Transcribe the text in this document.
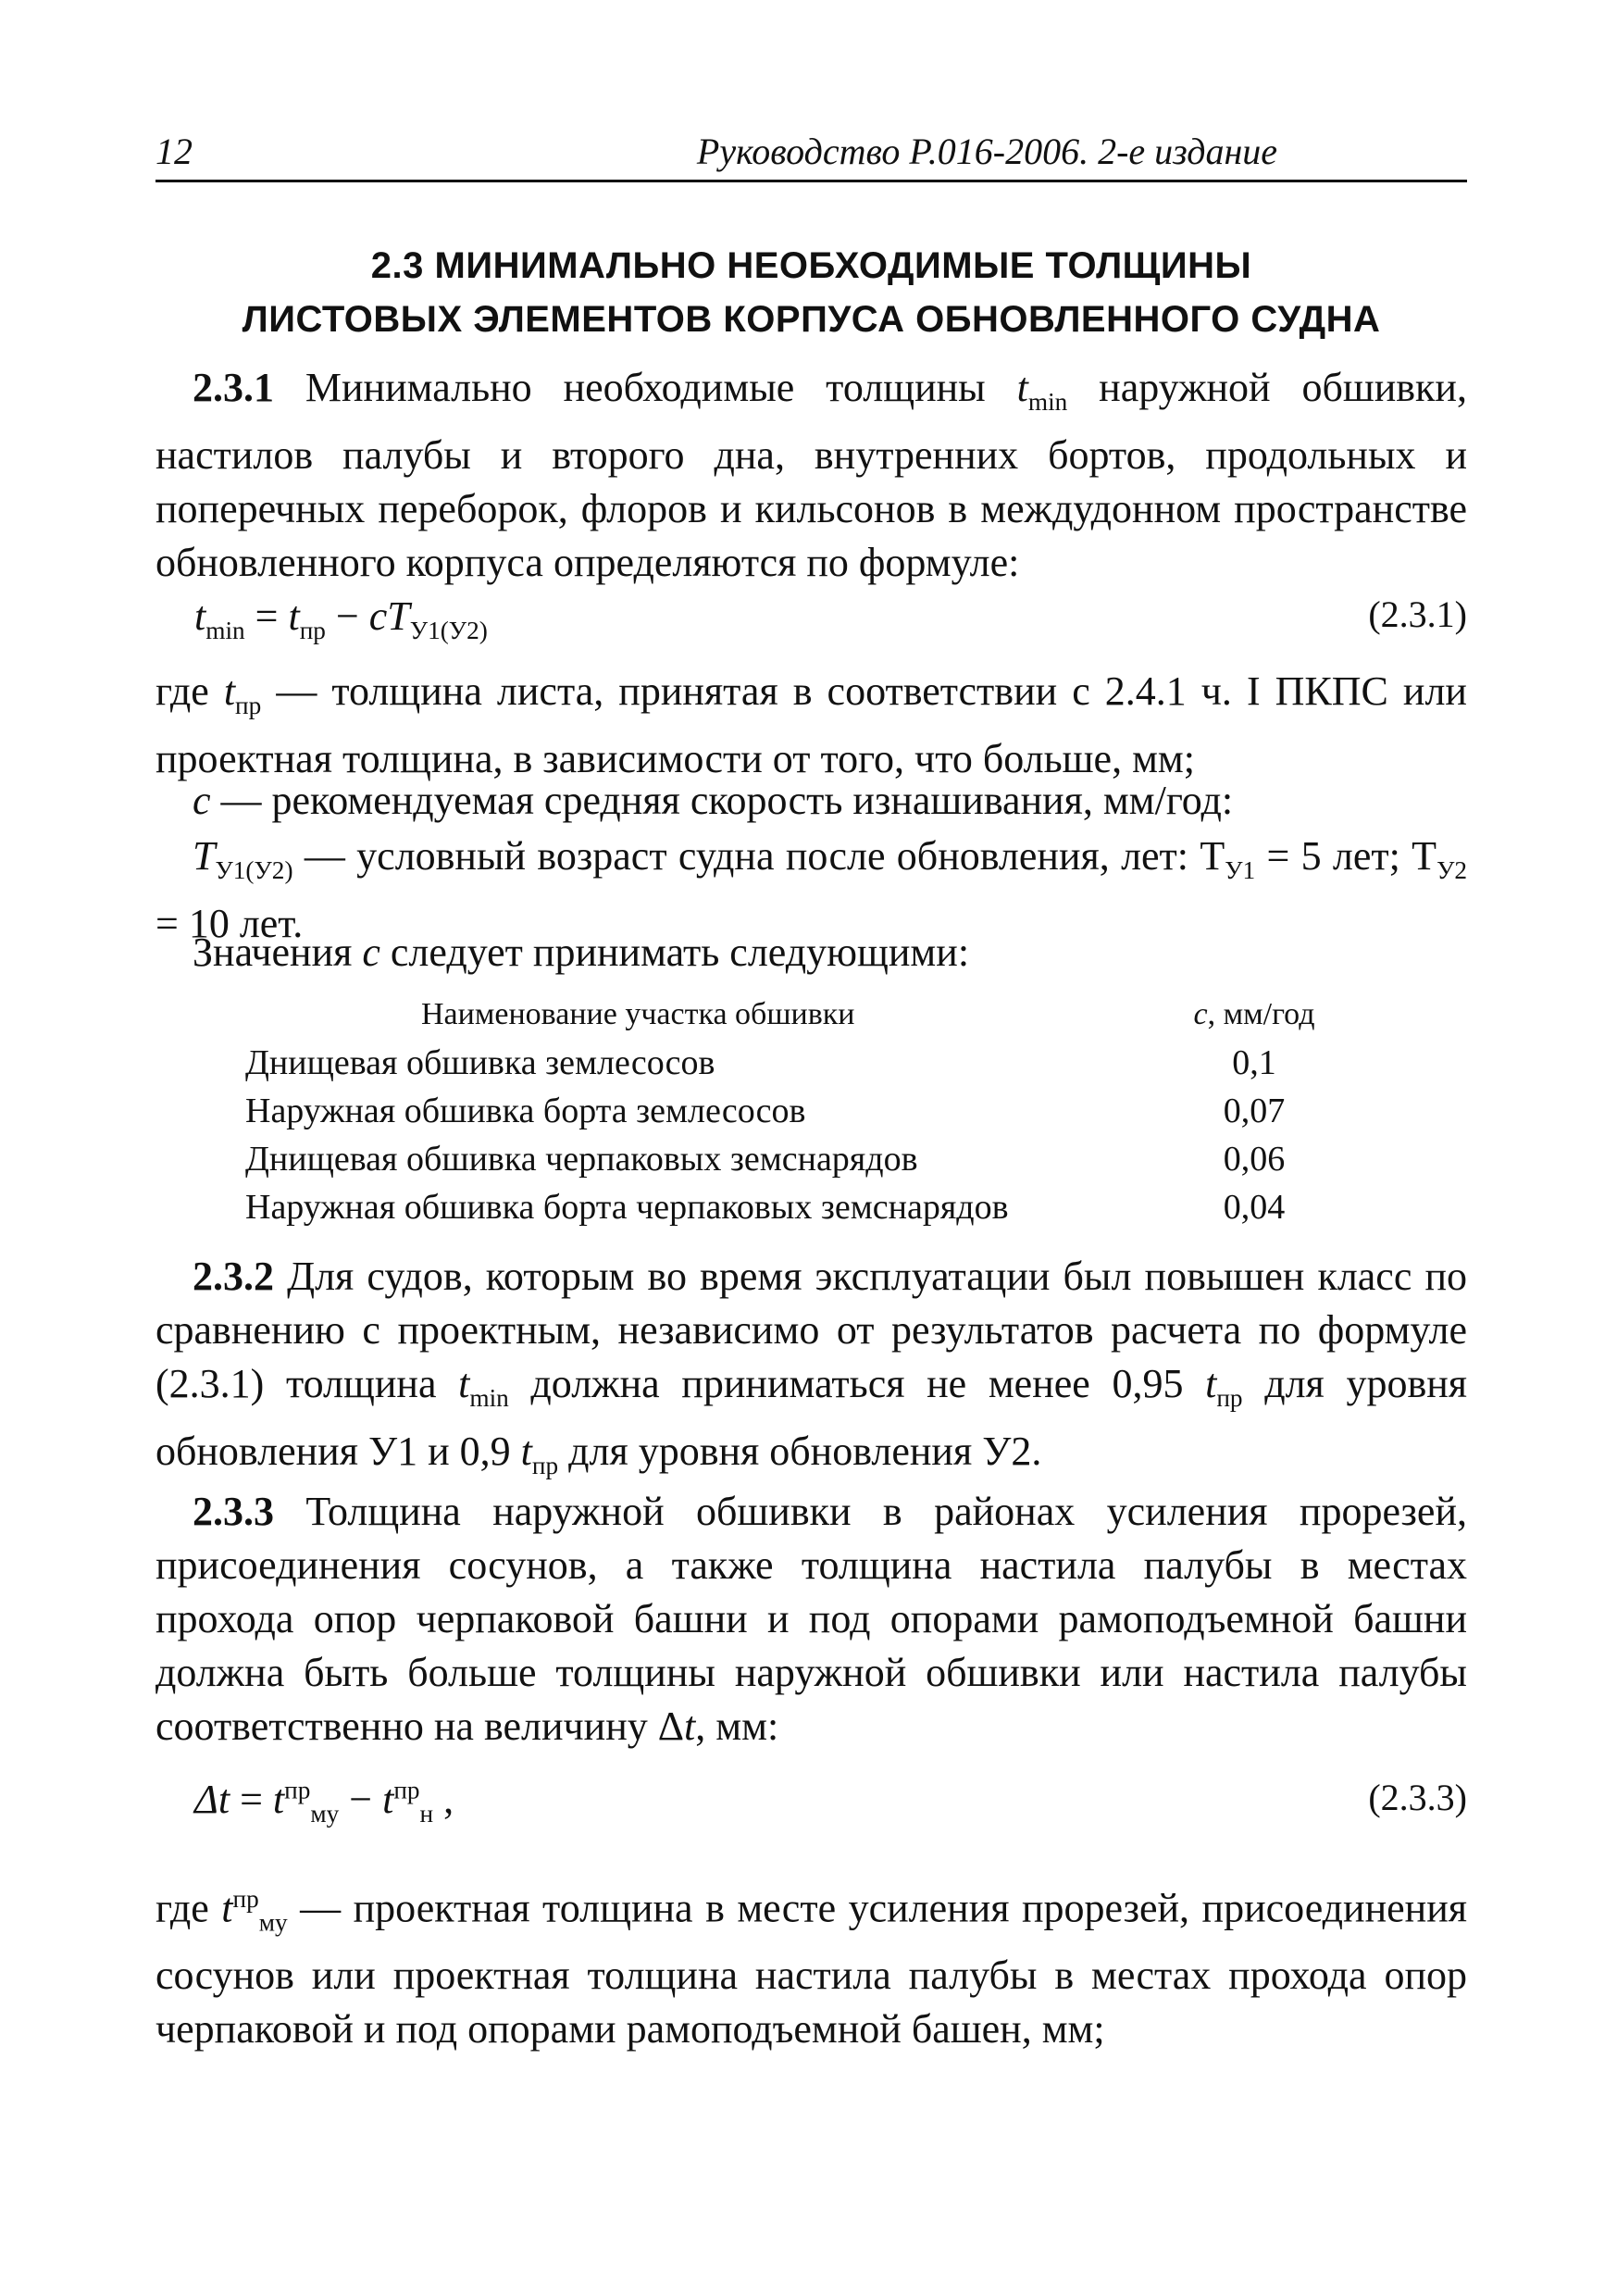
12	Руководство Р.016-2006. 2-е издание
2.3 МИНИМАЛЬНО НЕОБХОДИМЫЕ ТОЛЩИНЫ
ЛИСТОВЫХ ЭЛЕМЕНТОВ КОРПУСА ОБНОВЛЕННОГО СУДНА
2.3.1 Минимально необходимые толщины $t_{min}$ наружной обшивки, настилов палубы и второго дна, внутренних бортов, продольных и поперечных переборок, флоров и кильсонов в междудонном пространстве обновленного корпуса определяются по формуле:
$t_{min} = t_{пр} - cT_{У1(У2)}$	(2.3.1)
где $t_{пр}$ — толщина листа, принятая в соответствии с 2.4.1 ч. I ПКПС или проектная толщина, в зависимости от того, что больше, мм;
c — рекомендуемая средняя скорость изнашивания, мм/год:
$T_{У1(У2)}$ — условный возраст судна после обновления, лет: $Т_{У1} = 5$ лет; $Т_{У2} = 10$ лет.
Значения c следует принимать следующими:
Наименование участка обшивки	c, мм/год
Днищевая обшивка землесосов	0,1
Наружная обшивка борта землесосов	0,07
Днищевая обшивка черпаковых земснарядов	0,06
Наружная обшивка борта черпаковых земснарядов	0,04
2.3.2 Для судов, которым во время эксплуатации был повышен класс по сравнению с проектным, независимо от результатов расчета по формуле (2.3.1) толщина $t_{min}$ должна приниматься не менее 0,95 $t_{пр}$ для уровня обновления У1 и 0,9 $t_{пр}$ для уровня обновления У2.
2.3.3 Толщина наружной обшивки в районах усиления прорезей, присоединения сосунов, а также толщина настила палубы в местах прохода опор черпаковой башни и под опорами рамоподъемной башни должна быть больше толщины наружной обшивки или настила палубы соответственно на величину Δt, мм:
$\Delta t = t^{пр}_{му} - t^{пр}_н$ ,	(2.3.3)
где $t^{пр}_{му}$ — проектная толщина в месте усиления прорезей, присоединения сосунов или проектная толщина настила палубы в местах прохода опор черпаковой и под опорами рамоподъемной башен, мм;
